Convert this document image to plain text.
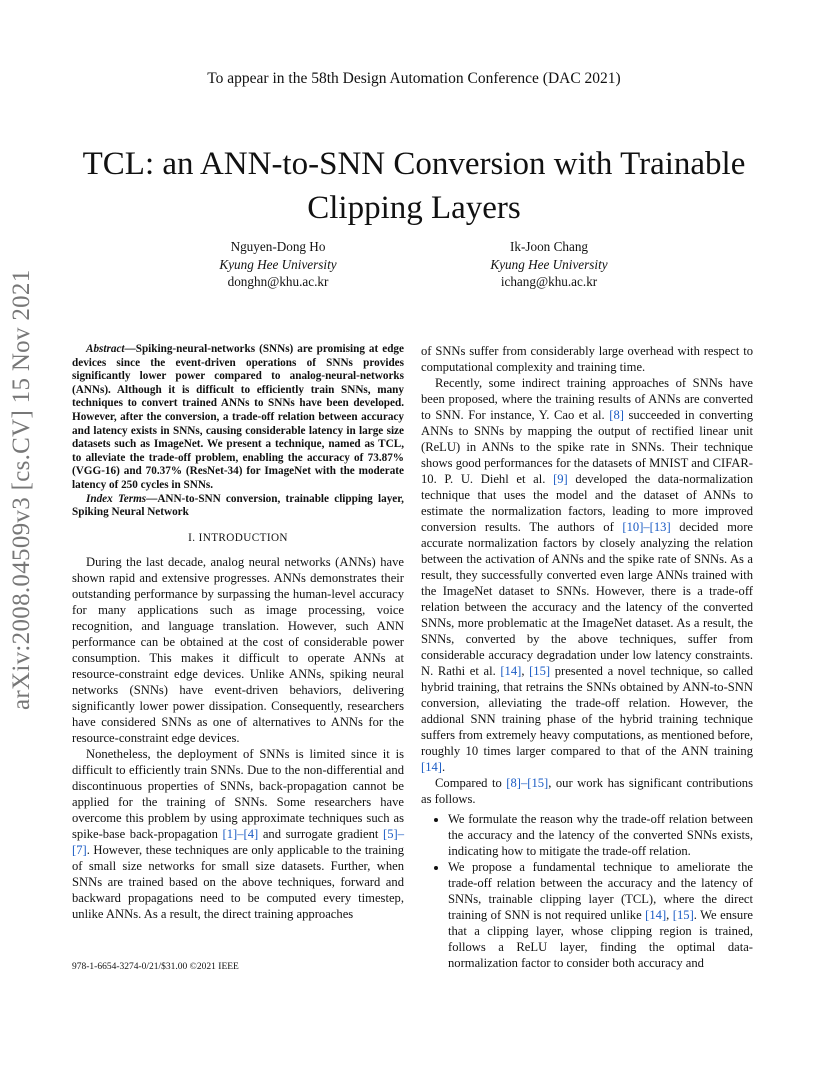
To appear in the 58th Design Automation Conference (DAC 2021)
TCL: an ANN-to-SNN Conversion with Trainable
Clipping Layers
Nguyen-Dong Ho
Kyung Hee University
donghn@khu.ac.kr
Ik-Joon Chang
Kyung Hee University
ichang@khu.ac.kr
arXiv:2008.04509v3 [cs.CV] 15 Nov 2021	Abstract—Spiking-neural-networks (SNNs) are promising at edge devices since the event-driven operations of SNNs provides significantly lower power compared to analog-neural-networks (ANNs). Although it is difficult to efficiently train SNNs, many techniques to convert trained ANNs to SNNs have been developed. However, after the conversion, a trade-off relation between accuracy and latency exists in SNNs, causing considerable latency in large size datasets such as ImageNet. We present a technique, named as TCL, to alleviate the trade-off problem, enabling the accuracy of 73.87% (VGG-16) and 70.37% (ResNet-34) for ImageNet with the moderate latency of 250 cycles in SNNs.

Index Terms—ANN-to-SNN conversion, trainable clipping layer, Spiking Neural Network

I. INTRODUCTION

During the last decade, analog neural networks (ANNs) have shown rapid and extensive progresses. ANNs demonstrates their outstanding performance by surpassing the human-level accuracy for many applications such as image processing, voice recognition, and language translation. However, such ANN performance can be obtained at the cost of considerable power consumption. This makes it difficult to operate ANNs at resource-constraint edge devices. Unlike ANNs, spiking neural networks (SNNs) have event-driven behaviors, delivering significantly lower power dissipation. Consequently, researchers have considered SNNs as one of alternatives to ANNs for the resource-constraint edge devices.

Nonetheless, the deployment of SNNs is limited since it is difficult to efficiently train SNNs. Due to the non-differential and discontinuous properties of SNNs, back-propagation cannot be applied for the training of SNNs. Some researchers have overcome this problem by using approximate techniques such as spike-base back-propagation [1]–[4] and surrogate gradient [5]–[7]. However, these techniques are only applicable to the training of small size networks for small size datasets. Further, when SNNs are trained based on the above techniques, forward and backward propagations need to be computed every timestep, unlike ANNs. As a result, the direct training approaches

of SNNs suffer from considerably large overhead with respect to computational complexity and training time.

Recently, some indirect training approaches of SNNs have been proposed, where the training results of ANNs are converted to SNN. For instance, Y. Cao et al. [8] succeeded in converting ANNs to SNNs by mapping the output of rectified linear unit (ReLU) in ANNs to the spike rate in SNNs. Their technique shows good performances for the datasets of MNIST and CIFAR-10. P. U. Diehl et al. [9] developed the data-normalization technique that uses the model and the dataset of ANNs to estimate the normalization factors, leading to more improved conversion results. The authors of [10]–[13] decided more accurate normalization factors by closely analyzing the relation between the activation of ANNs and the spike rate of SNNs. As a result, they successfully converted even large ANNs trained with the ImageNet dataset to SNNs. However, there is a trade-off relation between the accuracy and the latency of the converted SNNs, more problematic at the ImageNet dataset. As a result, the SNNs, converted by the above techniques, suffer from considerable accuracy degradation under low latency constraints. N. Rathi et al. [14], [15] presented a novel technique, so called hybrid training, that retrains the SNNs obtained by ANN-to-SNN conversion, alleviating the trade-off relation. However, the addional SNN training phase of the hybrid training technique suffers from extremely heavy computations, as mentioned before, roughly 10 times larger compared to that of the ANN training [14].

Compared to [8]–[15], our work has significant contributions as follows.

• We formulate the reason why the trade-off relation between the accuracy and the latency of the converted SNNs exists, indicating how to mitigate the trade-off relation.
• We propose a fundamental technique to ameliorate the trade-off relation between the accuracy and the latency of SNNs, trainable clipping layer (TCL), where the direct training of SNN is not required unlike [14], [15]. We ensure that a clipping layer, whose clipping region is trained, follows a ReLU layer, finding the optimal data-normalization factor to consider both accuracy and
978-1-6654-3274-0/21/$31.00 ©2021 IEEE
